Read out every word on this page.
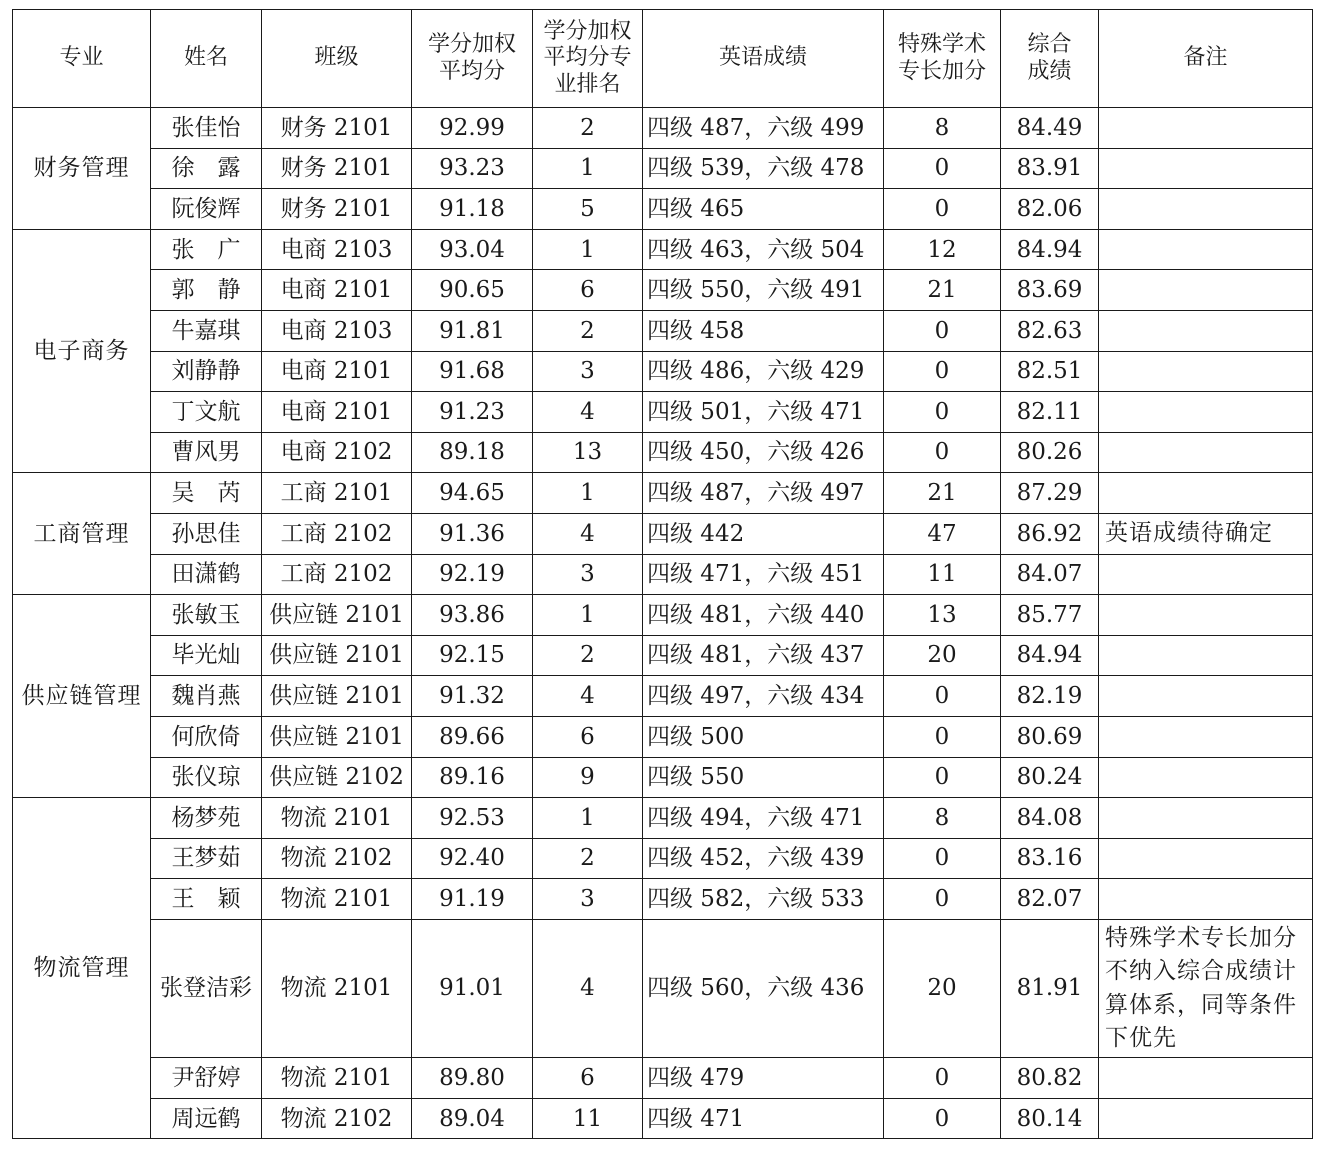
专业	姓名	班级	学分加权平均分	学分加权平均分专业排名	英语成绩	特殊学术专长加分	综合成绩	备注
财务管理	张佳怡	财务 2101	92.99	2	四级 487，六级 499	8	84.49	
	徐　露	财务 2101	93.23	1	四级 539，六级 478	0	83.91	
	阮俊辉	财务 2101	91.18	5	四级 465	0	82.06	
电子商务	张　广	电商 2103	93.04	1	四级 463，六级 504	12	84.94	
	郭　静	电商 2101	90.65	6	四级 550，六级 491	21	83.69	
	牛嘉琪	电商 2103	91.81	2	四级 458	0	82.63	
	刘静静	电商 2101	91.68	3	四级 486，六级 429	0	82.51	
	丁文航	电商 2101	91.23	4	四级 501，六级 471	0	82.11	
	曹风男	电商 2102	89.18	13	四级 450，六级 426	0	80.26	
工商管理	吴　芮	工商 2101	94.65	1	四级 487，六级 497	21	87.29	
	孙思佳	工商 2102	91.36	4	四级 442	47	86.92	英语成绩待确定
	田潇鹤	工商 2102	92.19	3	四级 471，六级 451	11	84.07	
供应链管理	张敏玉	供应链 2101	93.86	1	四级 481，六级 440	13	85.77	
	毕光灿	供应链 2101	92.15	2	四级 481，六级 437	20	84.94	
	魏肖燕	供应链 2101	91.32	4	四级 497，六级 434	0	82.19	
	何欣倚	供应链 2101	89.66	6	四级 500	0	80.69	
	张仪琼	供应链 2102	89.16	9	四级 550	0	80.24	
物流管理	杨梦苑	物流 2101	92.53	1	四级 494，六级 471	8	84.08	
	王梦茹	物流 2102	92.40	2	四级 452，六级 439	0	83.16	
	王　颖	物流 2101	91.19	3	四级 582，六级 533	0	82.07	
	张登洁彩	物流 2101	91.01	4	四级 560，六级 436	20	81.91	特殊学术专长加分不纳入综合成绩计算体系，同等条件下优先
	尹舒婷	物流 2101	89.80	6	四级 479	0	80.82	
	周远鹤	物流 2102	89.04	11	四级 471	0	80.14	
